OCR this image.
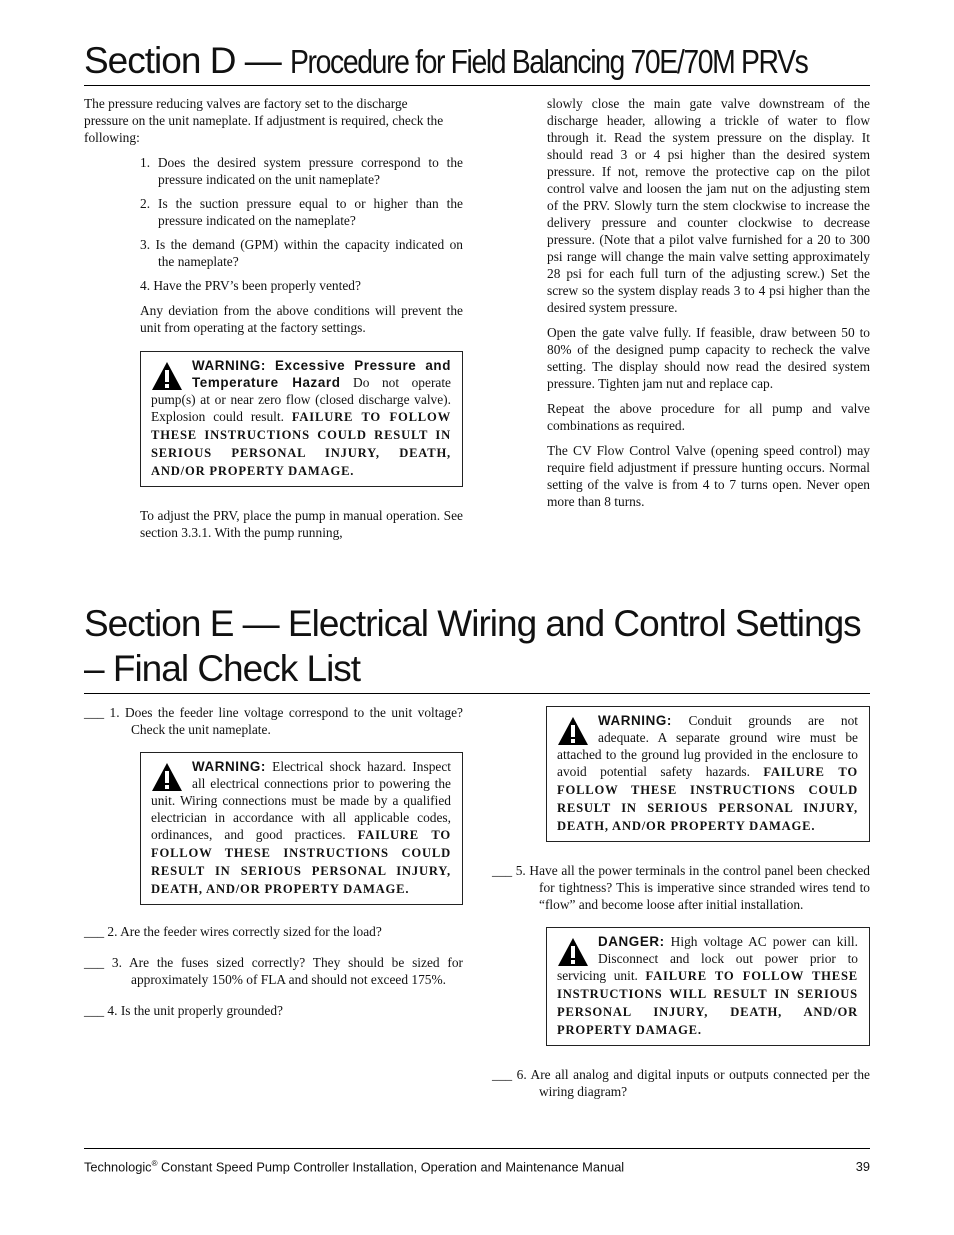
Section D — Procedure for Field Balancing 70E/70M PRVs

The pressure reducing valves are factory set to the discharge pressure on the unit nameplate. If adjustment is required, check the following:

1. Does the desired system pressure correspond to the pressure indicated on the unit nameplate?
2. Is the suction pressure equal to or higher than the pressure indicated on the nameplate?
3. Is the demand (GPM) within the capacity indicated on the nameplate?
4. Have the PRV’s been properly vented?

Any deviation from the above conditions will prevent the unit from operating at the factory settings.

WARNING: Excessive Pressure and Temperature Hazard Do not operate pump(s) at or near zero flow (closed discharge valve). Explosion could result. FAILURE TO FOLLOW THESE INSTRUCTIONS COULD RESULT IN SERIOUS PERSONAL INJURY, DEATH, AND/OR PROPERTY DAMAGE.

To adjust the PRV, place the pump in manual operation. See section 3.3.1. With the pump running,

slowly close the main gate valve downstream of the discharge header, allowing a trickle of water to flow through it. Read the system pressure on the display. It should read 3 or 4 psi higher than the desired system pressure. If not, remove the protective cap on the pilot control valve and loosen the jam nut on the adjusting stem of the PRV. Slowly turn the stem clockwise to increase the delivery pressure and counter clockwise to decrease pressure. (Note that a pilot valve furnished for a 20 to 300 psi range will change the main valve setting approximately 28 psi for each full turn of the adjusting screw.) Set the screw so the system display reads 3 to 4 psi higher than the desired system pressure.

Open the gate valve fully. If feasible, draw between 50 to 80% of the designed pump capacity to recheck the valve setting. The display should now read the desired system pressure. Tighten jam nut and replace cap.

Repeat the above procedure for all pump and valve combinations as required.

The CV Flow Control Valve (opening speed control) may require field adjustment if pressure hunting occurs. Normal setting of the valve is from 4 to 7 turns open. Never open more than 8 turns.

Section E — Electrical Wiring and Control Settings – Final Check List

___ 1. Does the feeder line voltage correspond to the unit voltage? Check the unit nameplate.

WARNING: Electrical shock hazard. Inspect all electrical connections prior to powering the unit. Wiring connections must be made by a qualified electrician in accordance with all applicable codes, ordinances, and good practices. FAILURE TO FOLLOW THESE INSTRUCTIONS COULD RESULT IN SERIOUS PERSONAL INJURY, DEATH, AND/OR PROPERTY DAMAGE.

___ 2. Are the feeder wires correctly sized for the load?

___ 3. Are the fuses sized correctly? They should be sized for approximately 150% of FLA and should not exceed 175%.

___ 4. Is the unit properly grounded?

WARNING: Conduit grounds are not adequate. A separate ground wire must be attached to the ground lug provided in the enclosure to avoid potential safety hazards. FAILURE TO FOLLOW THESE INSTRUCTIONS COULD RESULT IN SERIOUS PERSONAL INJURY, DEATH, AND/OR PROPERTY DAMAGE.

___ 5. Have all the power terminals in the control panel been checked for tightness? This is imperative since stranded wires tend to “flow” and become loose after initial installation.

DANGER: High voltage AC power can kill. Disconnect and lock out power prior to servicing unit. FAILURE TO FOLLOW THESE INSTRUCTIONS WILL RESULT IN SERIOUS PERSONAL INJURY, DEATH, AND/OR PROPERTY DAMAGE.

___ 6. Are all analog and digital inputs or outputs connected per the wiring diagram?

Technologic® Constant Speed Pump Controller Installation, Operation and Maintenance Manual	39
